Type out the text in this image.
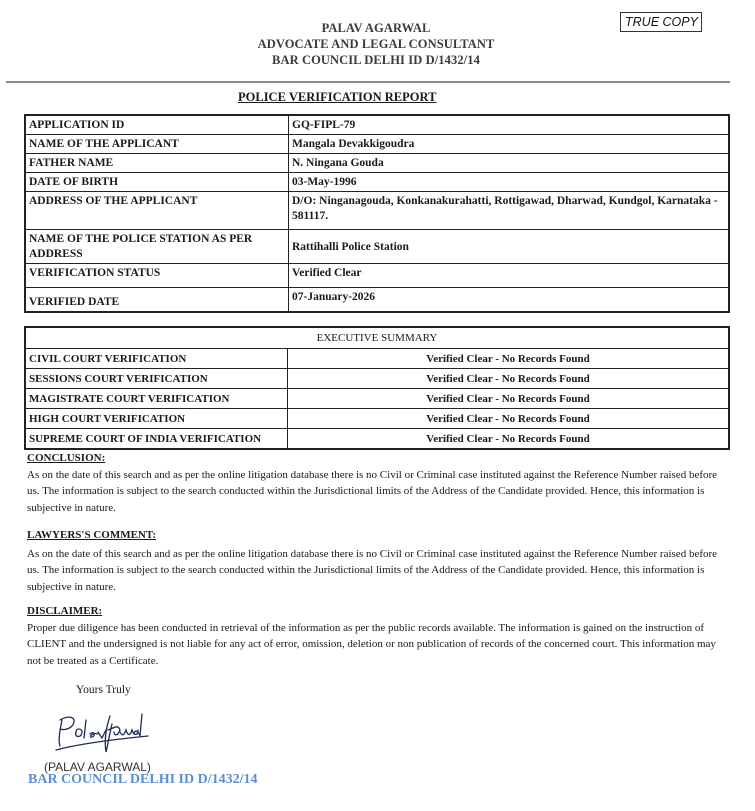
TRUE COPY
PALAV AGARWAL
ADVOCATE AND LEGAL CONSULTANT
BAR COUNCIL DELHI ID D/1432/14
POLICE VERIFICATION REPORT
APPLICATION ID	GQ-FIPL-79
NAME OF THE APPLICANT	Mangala Devakkigoudra
FATHER NAME	N. Ningana Gouda
DATE OF BIRTH	03-May-1996
ADDRESS OF THE APPLICANT	D/O: Ninganagouda, Konkanakurahatti, Rottigawad, Dharwad, Kundgol, Karnataka - 581117.
NAME OF THE POLICE STATION AS PER ADDRESS	Rattihalli Police Station
VERIFICATION STATUS	Verified Clear
VERIFIED DATE	07-January-2026
EXECUTIVE SUMMARY	
CIVIL COURT VERIFICATION	Verified Clear - No Records Found
SESSIONS COURT VERIFICATION	Verified Clear - No Records Found
MAGISTRATE COURT VERIFICATION	Verified Clear - No Records Found
HIGH COURT VERIFICATION	Verified Clear - No Records Found
SUPREME COURT OF INDIA VERIFICATION	Verified Clear - No Records Found
CONCLUSION:
As on the date of this search and as per the online litigation database there is no Civil or Criminal case instituted against the Reference Number raised before us. The information is subject to the search conducted within the Jurisdictional limits of the Address of the Candidate provided. Hence, this information is subjective in nature.
LAWYERS'S COMMENT:
As on the date of this search and as per the online litigation database there is no Civil or Criminal case instituted against the Reference Number raised before us. The information is subject to the search conducted within the Jurisdictional limits of the Address of the Candidate provided. Hence, this information is subjective in nature.
DISCLAIMER:
Proper due diligence has been conducted in retrieval of the information as per the public records available. The information is gained on the instruction of CLIENT and the undersigned is not liable for any act of error, omission, deletion or non publication of records of the concerned court. This information may not be treated as a Certificate.
Yours Truly
(PALAV AGARWAL)
BAR COUNCIL DELHI ID D/1432/14
